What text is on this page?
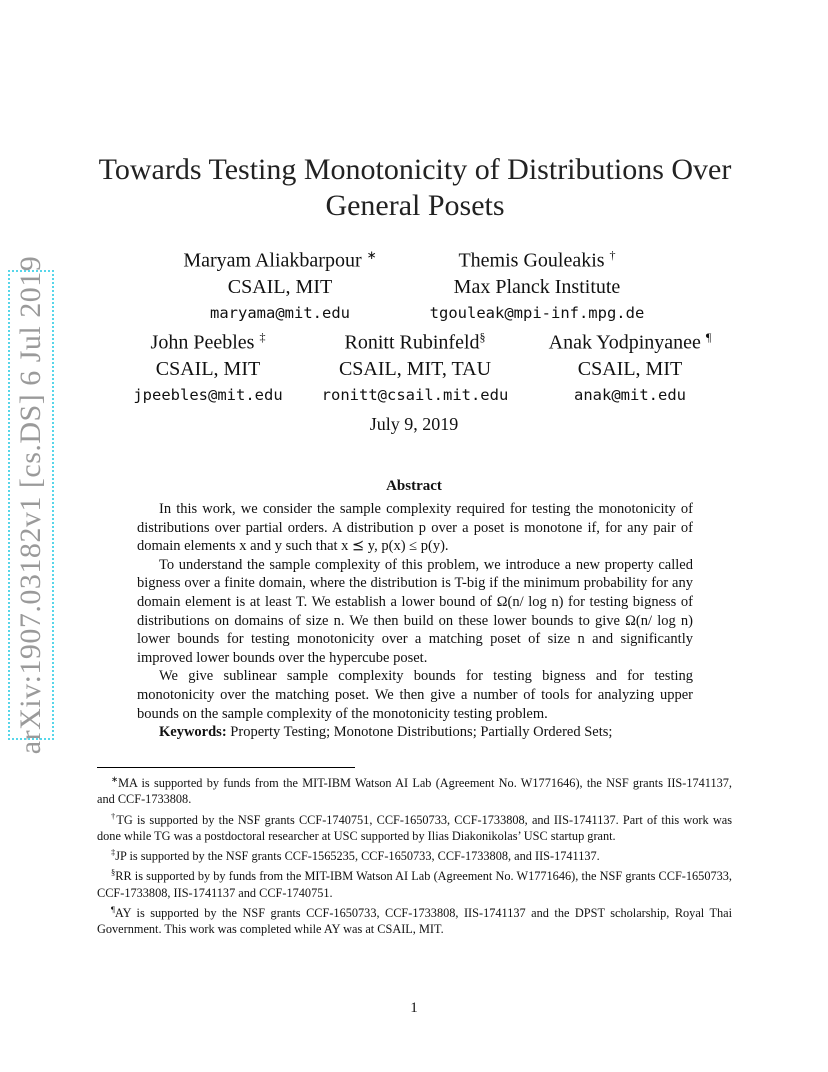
arXiv:1907.03182v1 [cs.DS] 6 Jul 2019
Towards Testing Monotonicity of Distributions Over General Posets
Maryam Aliakbarpour ∗
CSAIL, MIT
maryama@mit.edu
Themis Gouleakis †
Max Planck Institute
tgouleak@mpi-inf.mpg.de
John Peebles ‡
CSAIL, MIT
jpeebles@mit.edu
Ronitt Rubinfeld§
CSAIL, MIT, TAU
ronitt@csail.mit.edu
Anak Yodpinyanee ¶
CSAIL, MIT
anak@mit.edu
July 9, 2019
Abstract

In this work, we consider the sample complexity required for testing the monotonicity of distributions over partial orders. A distribution p over a poset is monotone if, for any pair of domain elements x and y such that x ⪯ y, p(x) ≤ p(y).

To understand the sample complexity of this problem, we introduce a new property called bigness over a finite domain, where the distribution is T-big if the minimum probability for any domain element is at least T. We establish a lower bound of Ω(n/ log n) for testing bigness of distributions on domains of size n. We then build on these lower bounds to give Ω(n/ log n) lower bounds for testing monotonicity over a matching poset of size n and significantly improved lower bounds over the hypercube poset.

We give sublinear sample complexity bounds for testing bigness and for testing monotonicity over the matching poset. We then give a number of tools for analyzing upper bounds on the sample complexity of the monotonicity testing problem.

Keywords: Property Testing; Monotone Distributions; Partially Ordered Sets;

∗MA is supported by funds from the MIT-IBM Watson AI Lab (Agreement No. W1771646), the NSF grants IIS-1741137, and CCF-1733808.

†TG is supported by the NSF grants CCF-1740751, CCF-1650733, CCF-1733808, and IIS-1741137. Part of this work was done while TG was a postdoctoral researcher at USC supported by Ilias Diakonikolas’ USC startup grant.

‡JP is supported by the NSF grants CCF-1565235, CCF-1650733, CCF-1733808, and IIS-1741137.

§RR is supported by by funds from the MIT-IBM Watson AI Lab (Agreement No. W1771646), the NSF grants CCF-1650733, CCF-1733808, IIS-1741137 and CCF-1740751.

¶AY is supported by the NSF grants CCF-1650733, CCF-1733808, IIS-1741137 and the DPST scholarship, Royal Thai Government. This work was completed while AY was at CSAIL, MIT.

1
